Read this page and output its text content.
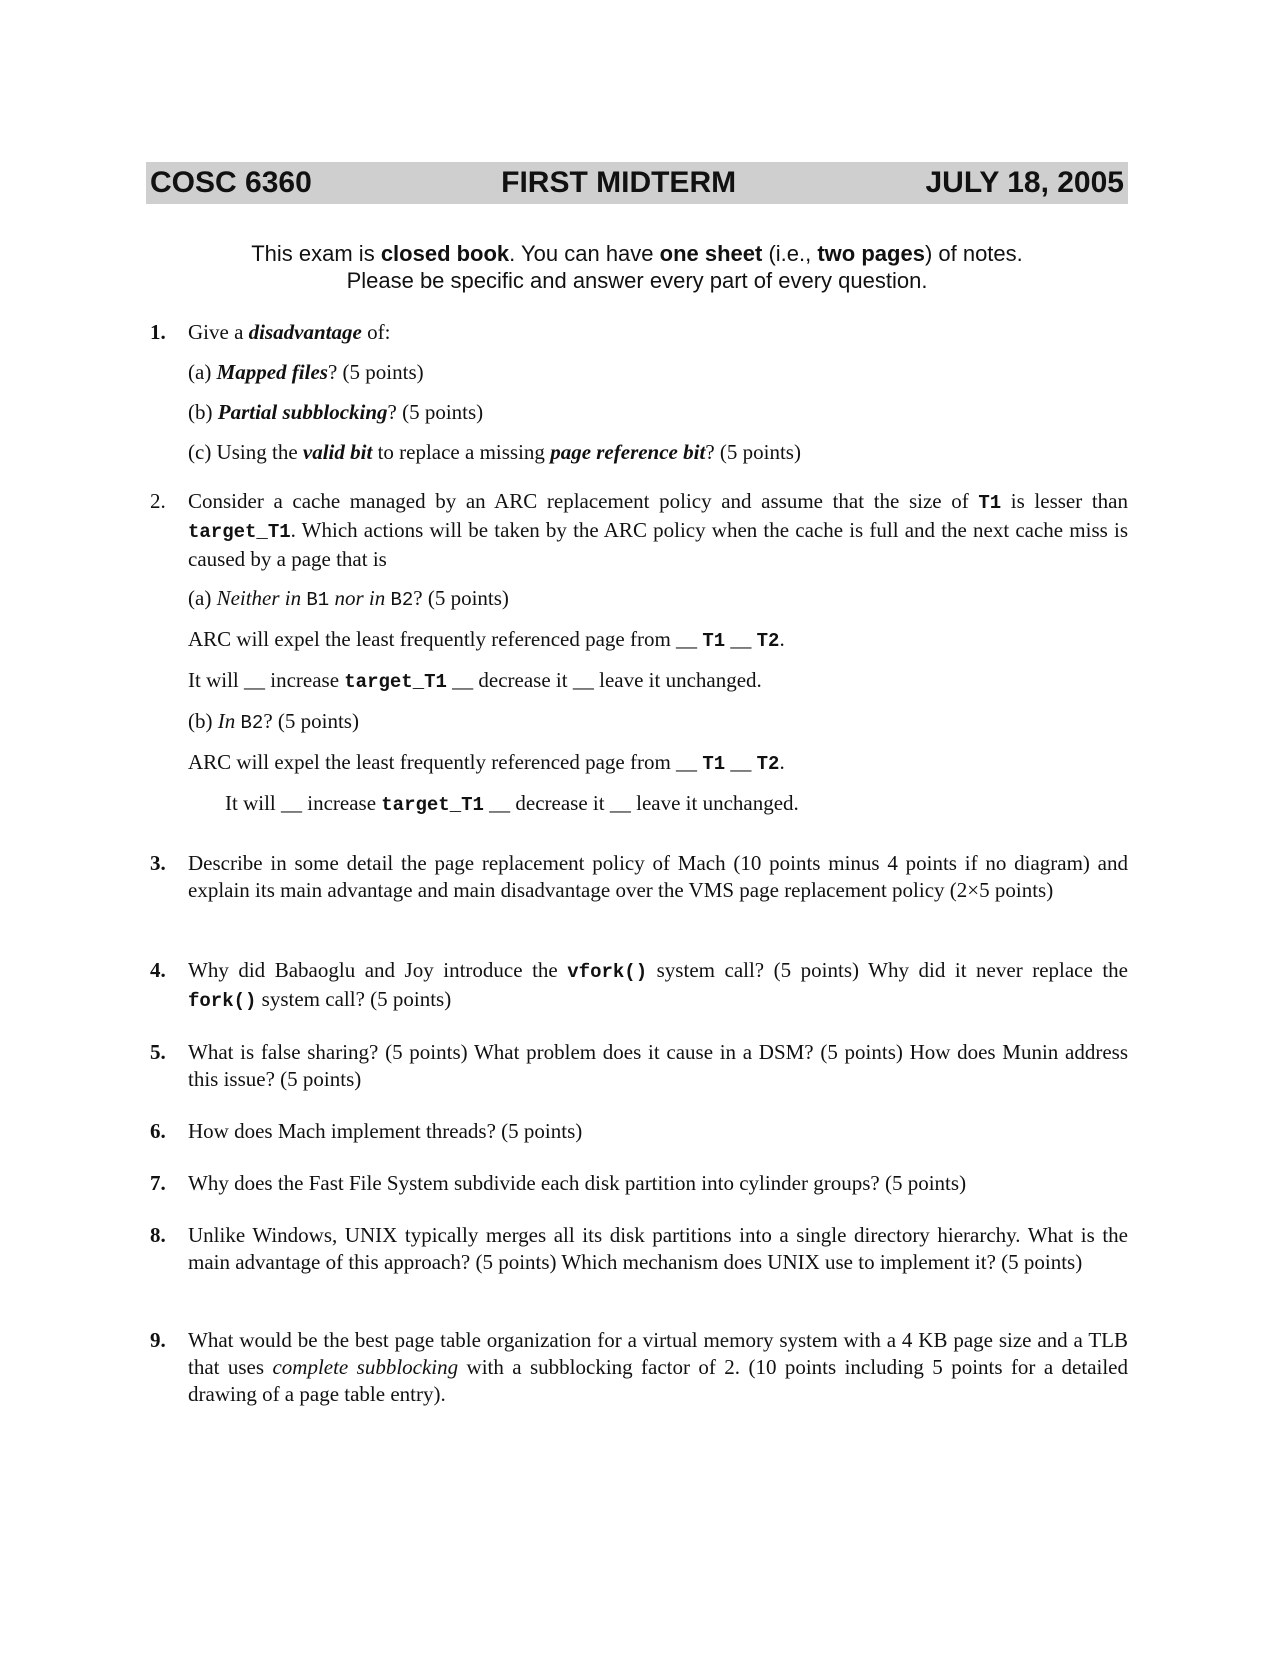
COSC 6360	FIRST MIDTERM	JULY 18, 2005
This exam is closed book. You can have one sheet (i.e., two pages) of notes.
Please be specific and answer every part of every question.
1. Give a disadvantage of:
(a) Mapped files? (5 points)
(b) Partial subblocking? (5 points)
(c) Using the valid bit to replace a missing page reference bit? (5 points)
2. Consider a cache managed by an ARC replacement policy and assume that the size of T1 is lesser than target_T1. Which actions will be taken by the ARC policy when the cache is full and the next cache miss is caused by a page that is
(a) Neither in B1 nor in B2? (5 points)
ARC will expel the least frequently referenced page from __ T1 __ T2.
It will __ increase target_T1 __ decrease it __ leave it unchanged.
(b) In B2? (5 points)
ARC will expel the least frequently referenced page from __ T1 __ T2.
It will __ increase target_T1 __ decrease it __ leave it unchanged.
3. Describe in some detail the page replacement policy of Mach (10 points minus 4 points if no diagram) and explain its main advantage and main disadvantage over the VMS page replacement policy (2×5 points)
4. Why did Babaoglu and Joy introduce the vfork() system call? (5 points) Why did it never replace the fork() system call? (5 points)
5. What is false sharing? (5 points) What problem does it cause in a DSM? (5 points) How does Munin address this issue? (5 points)
6. How does Mach implement threads? (5 points)
7. Why does the Fast File System subdivide each disk partition into cylinder groups? (5 points)
8. Unlike Windows, UNIX typically merges all its disk partitions into a single directory hierarchy. What is the main advantage of this approach? (5 points) Which mechanism does UNIX use to implement it? (5 points)
9. What would be the best page table organization for a virtual memory system with a 4 KB page size and a TLB that uses complete subblocking with a subblocking factor of 2. (10 points including 5 points for a detailed drawing of a page table entry).
